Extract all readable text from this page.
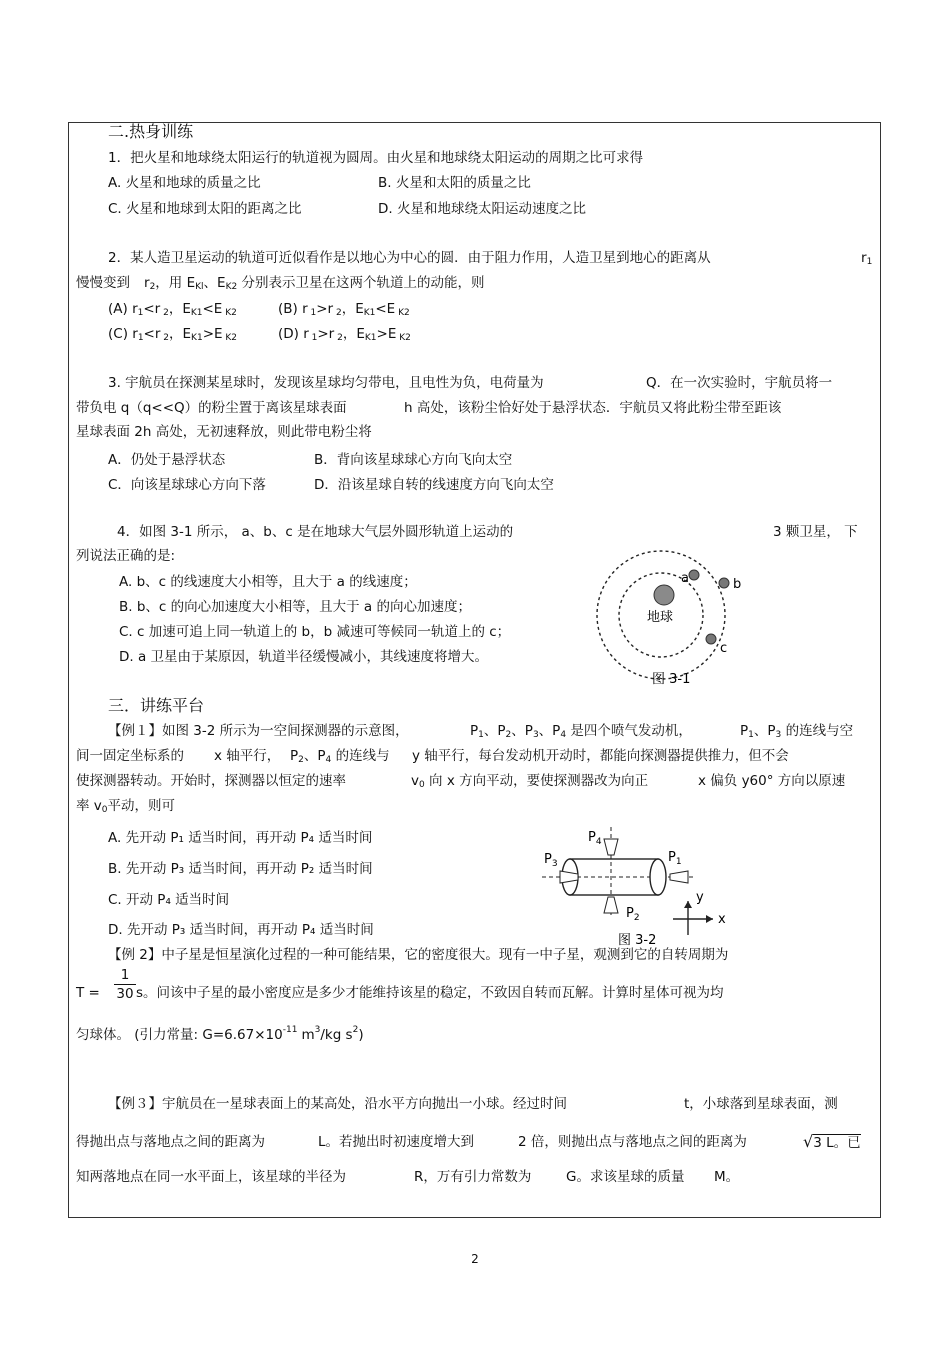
二.热身训练
1．把火星和地球绕太阳运行的轨道视为圆周。由火星和地球绕太阳运动的周期之比可求得
A. 火星和地球的质量之比	B. 火星和太阳的质量之比
C. 火星和地球到太阳的距离之比	D. 火星和地球绕太阳运动速度之比
2．某人造卫星运动的轨道可近似看作是以地心为中心的圆．由于阻力作用，人造卫星到地心的距离从	$r_1$
慢慢变到 $r_2$，用 $E_{Kl}$、$E_{K2}$ 分别表示卫星在这两个轨道上的动能，则
(A) $r_1<r$ $_2$，$E_{K1}<E$ $_{K2}$	(B) r $_1$>r $_2$，$E_{K1}<E$ $_{K2}$
(C) $r_1<r$ $_2$，$E_{K1}>E$ $_{K2}$	(D) r $_1$>r $_2$，$E_{K1}>E$ $_{K2}$
3. 宇航员在探测某星球时，发现该星球均匀带电，且电性为负，电荷量为	Q．在一次实验时，宇航员将一
带负电 q（q<<Q）的粉尘置于离该星球表面	h 高处，该粉尘恰好处于悬浮状态．宇航员又将此粉尘带至距该
星球表面 2h 高处，无初速释放，则此带电粉尘将
A．仍处于悬浮状态	B．背向该星球球心方向飞向太空
C．向该星球球心方向下落	D．沿该星球自转的线速度方向飞向太空
4．如图 3-1 所示， a、b、c 是在地球大气层外圆形轨道上运动的	3 颗卫星， 下
列说法正确的是:
A. b、c 的线速度大小相等，且大于 a 的线速度；
B. b、c 的向心加速度大小相等，且大于 a 的向心加速度；
C. c 加速可追上同一轨道上的 b，b 减速可等候同一轨道上的 c；
D. a 卫星由于某原因，轨道半径缓慢减小，其线速度将增大。
地球
a	b
c
图 3-1
三．讲练平台
【例１】如图 3-2 所示为一空间探测器的示意图，	$P_1$、$P_2$、$P_3$、$P_4$ 是四个喷气发动机，	$P_1$、$P_3$ 的连线与空
间一固定坐标系的 x 轴平行， $P_2$、$P_4$ 的连线与 y 轴平行，每台发动机开动时，都能向探测器提供推力，但不会
使探测器转动。开始时，探测器以恒定的速率	$v_0$ 向 x 方向平动，要使探测器改为向正	x 偏负 y60° 方向以原速
率 $v_0$平动，则可
A. 先开动 P₁ 适当时间，再开动 P₄ 适当时间
B. 先开动 P₃ 适当时间，再开动 P₂ 适当时间
C. 开动 P₄ 适当时间
D. 先开动 P₃ 适当时间，再开动 P₄ 适当时间
$P_4$
$P_3$	$P_1$
$P_2$	x
y
图 3-2
【例 2】中子星是恒星演化过程的一种可能结果，它的密度很大。现有一中子星，观测到它的自转周期为
T =
1
30 s。问该中子星的最小密度应是多少才能维持该星的稳定，不致因自转而瓦解。计算时星体可视为均
匀球体。 (引力常量: $G=6.67\times 10^{-11}$ $m^3/kg$ $s^2$)
【例３】宇航员在一星球表面上的某高处，沿水平方向抛出一小球。经过时间	t，小球落到星球表面，测
得抛出点与落地点之间的距离为	L。若抛出时初速度增大到	2 倍，则抛出点与落地点之间的距离为	√3 L。已
知两落地点在同一水平面上，该星球的半径为	R，万有引力常数为	G。求该星球的质量 M。
2
